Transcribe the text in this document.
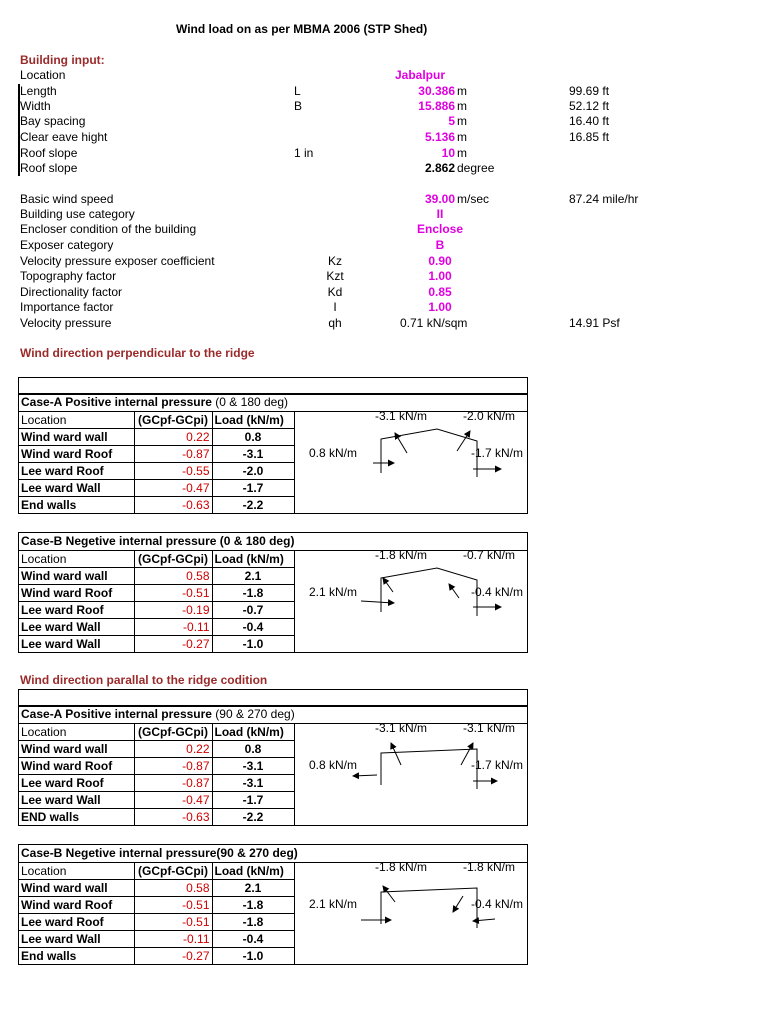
Wind load on as per MBMA 2006 (STP Shed)
Building input:
Location	Jabalpur
Length	L	30.386 m	99.69 ft
Width	B	15.886 m	52.12 ft
Bay spacing	5 m	16.40 ft
Clear eave hight	5.136 m	16.85 ft
Roof slope	1 in	10 m
Roof slope	2.862 degree
Basic wind speed	39.00 m/sec	87.24 mile/hr
Building use category	II
Encloser condition of the building	Enclose
Exposer category	B
Velocity pressure exposer coefficient	Kz	0.90
Topography factor	Kzt	1.00
Directionality factor	Kd	0.85
Importance factor	I	1.00
Velocity pressure	qh	0.71 kN/sqm	14.91 Psf
Wind direction perpendicular to the ridge
Wind direction parallal to the ridge codition
Case-A Positive internal pressure (0 & 180 deg)
Location	(GCpf-GCpi)	Load (kN/m)
Wind ward wall	0.22	0.8
Wind ward Roof	-0.87	-3.1
Lee ward Roof	-0.55	-2.0
Lee ward Wall	-0.47	-1.7
End walls	-0.63	-2.2
-3.1 kN/m	-2.0 kN/m
0.8 kN/m	-1.7 kN/m
Case-B Negetive internal pressure (0 & 180 deg)
Location	(GCpf-GCpi)	Load (kN/m)
Wind ward wall	0.58	2.1
Wind ward Roof	-0.51	-1.8
Lee ward Roof	-0.19	-0.7
Lee ward Wall	-0.11	-0.4
Lee ward Wall	-0.27	-1.0
-1.8 kN/m	-0.7 kN/m
2.1 kN/m	-0.4 kN/m
Case-A Positive internal pressure (90 & 270 deg)
Location	(GCpf-GCpi)	Load (kN/m)
Wind ward wall	0.22	0.8
Wind ward Roof	-0.87	-3.1
Lee ward Roof	-0.87	-3.1
Lee ward Wall	-0.47	-1.7
END walls	-0.63	-2.2
-3.1 kN/m	-3.1 kN/m
0.8 kN/m	-1.7 kN/m
Case-B Negetive internal pressure(90 & 270 deg)
Location	(GCpf-GCpi)	Load (kN/m)
Wind ward wall	0.58	2.1
Wind ward Roof	-0.51	-1.8
Lee ward Roof	-0.51	-1.8
Lee ward Wall	-0.11	-0.4
End walls	-0.27	-1.0
-1.8 kN/m	-1.8 kN/m
2.1 kN/m	-0.4 kN/m
